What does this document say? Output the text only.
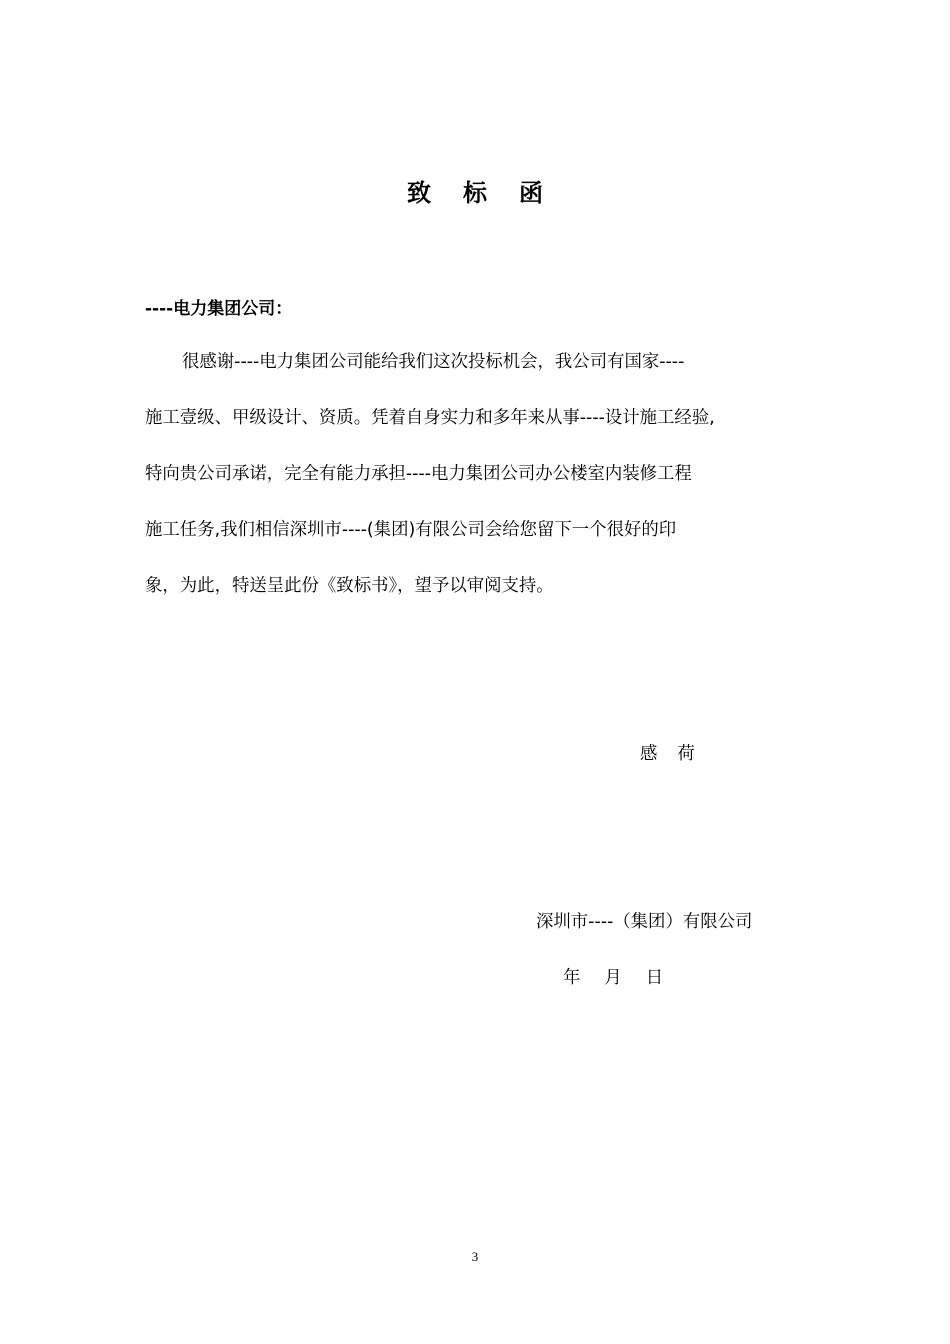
致标函
----电力集团公司：
很感谢----电力集团公司能给我们这次投标机会，我公司有国家----
施工壹级、甲级设计、资质。凭着自身实力和多年来从事----设计施工经验,
特向贵公司承诺，完全有能力承担----电力集团公司办公楼室内装修工程
施工任务,我们相信深圳市----(集团)有限公司会给您留下一个很好的印
象，为此，特送呈此份《致标书》，望予以审阅支持。
感荷
深圳市----（集团）有限公司
年月日
3
